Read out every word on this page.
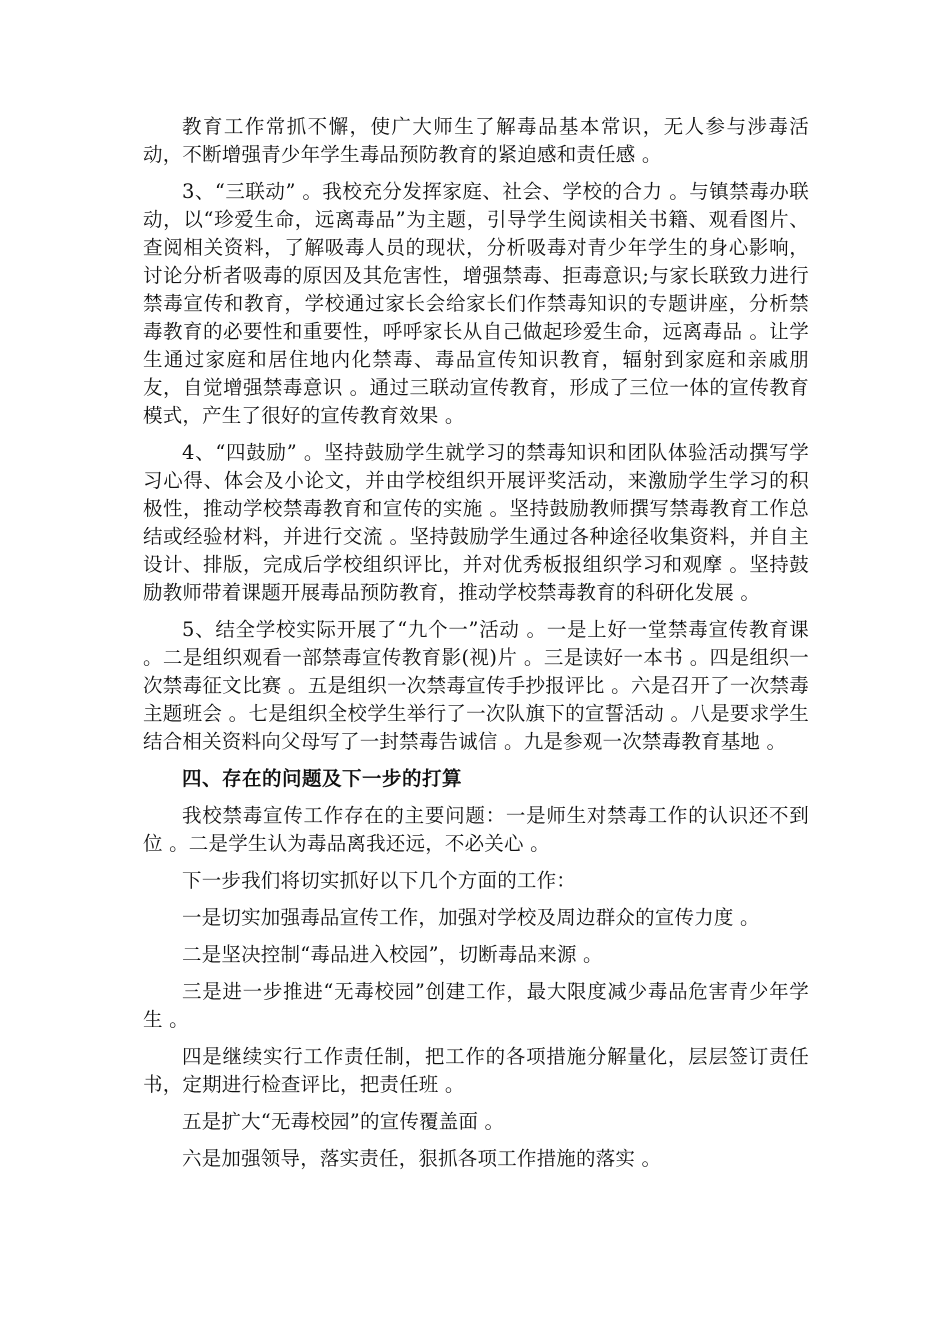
教育工作常抓不懈，使广大师生了解毒品基本常识，无人参与涉毒活动，不断增强青少年学生毒品预防教育的紧迫感和责任感 。

3、“三联动” 。我校充分发挥家庭、社会、学校的合力 。与镇禁毒办联动，以“珍爱生命，远离毒品”为主题，引导学生阅读相关书籍、观看图片、查阅相关资料，了解吸毒人员的现状，分析吸毒对青少年学生的身心影响，讨论分析者吸毒的原因及其危害性，增强禁毒、拒毒意识;与家长联致力进行禁毒宣传和教育，学校通过家长会给家长们作禁毒知识的专题讲座，分析禁毒教育的必要性和重要性，呼呼家长从自己做起珍爱生命，远离毒品 。让学生通过家庭和居住地内化禁毒、毒品宣传知识教育，辐射到家庭和亲戚朋友，自觉增强禁毒意识 。通过三联动宣传教育，形成了三位一体的宣传教育模式，产生了很好的宣传教育效果 。

4、“四鼓励” 。坚持鼓励学生就学习的禁毒知识和团队体验活动撰写学习心得、体会及小论文，并由学校组织开展评奖活动，来激励学生学习的积极性，推动学校禁毒教育和宣传的实施 。坚持鼓励教师撰写禁毒教育工作总结或经验材料，并进行交流 。坚持鼓励学生通过各种途径收集资料，并自主设计、排版，完成后学校组织评比，并对优秀板报组织学习和观摩 。坚持鼓励教师带着课题开展毒品预防教育，推动学校禁毒教育的科研化发展 。

5、结全学校实际开展了“九个一”活动 。一是上好一堂禁毒宣传教育课 。二是组织观看一部禁毒宣传教育影(视)片 。三是读好一本书 。四是组织一次禁毒征文比赛 。五是组织一次禁毒宣传手抄报评比 。六是召开了一次禁毒主题班会 。七是组织全校学生举行了一次队旗下的宣誓活动 。八是要求学生结合相关资料向父母写了一封禁毒告诚信 。九是参观一次禁毒教育基地 。

四、存在的问题及下一步的打算

我校禁毒宣传工作存在的主要问题：一是师生对禁毒工作的认识还不到位 。二是学生认为毒品离我还远，不必关心 。

下一步我们将切实抓好以下几个方面的工作：

一是切实加强毒品宣传工作，加强对学校及周边群众的宣传力度 。

二是坚决控制“毒品进入校园”，切断毒品来源 。

三是进一步推进“无毒校园”创建工作，最大限度减少毒品危害青少年学生 。

四是继续实行工作责任制，把工作的各项措施分解量化，层层签订责任书，定期进行检查评比，把责任班 。

五是扩大“无毒校园”的宣传覆盖面 。

六是加强领导，落实责任，狠抓各项工作措施的落实 。
